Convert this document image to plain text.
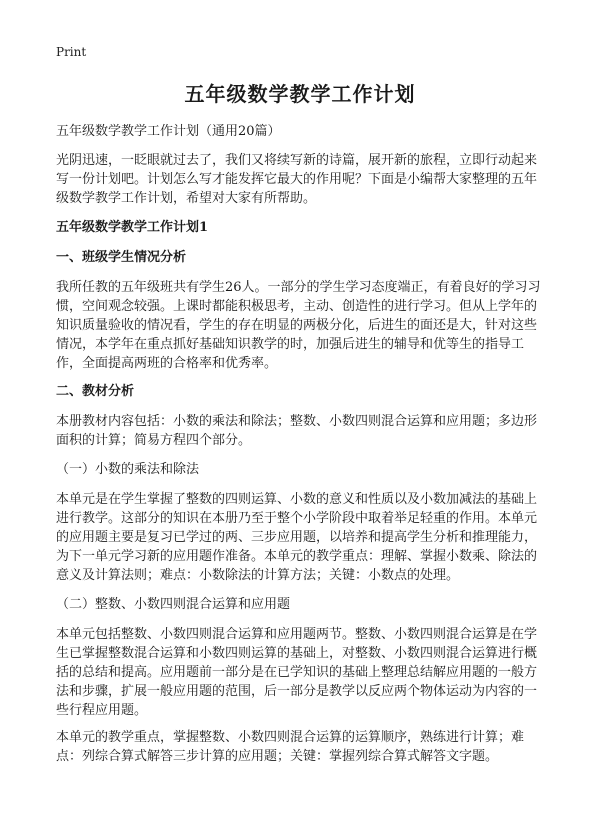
Print
五年级数学教学工作计划
五年级数学教学工作计划（通用20篇）

光阴迅速，一眨眼就过去了，我们又将续写新的诗篇，展开新的旅程，立即行动起来写一份计划吧。计划怎么写才能发挥它最大的作用呢？下面是小编帮大家整理的五年级数学教学工作计划，希望对大家有所帮助。

五年级数学教学工作计划1
一、班级学生情况分析

我所任教的五年级班共有学生26人。一部分的学生学习态度端正，有着良好的学习习惯，空间观念较强。上课时都能积极思考，主动、创造性的进行学习。但从上学年的知识质量验收的情况看，学生的存在明显的两极分化，后进生的面还是大，针对这些情况，本学年在重点抓好基础知识教学的时，加强后进生的辅导和优等生的指导工作，全面提高两班的合格率和优秀率。

二、教材分析

本册教材内容包括：小数的乘法和除法；整数、小数四则混合运算和应用题；多边形面积的计算；简易方程四个部分。

（一）小数的乘法和除法

本单元是在学生掌握了整数的四则运算、小数的意义和性质以及小数加减法的基础上进行教学。这部分的知识在本册乃至于整个小学阶段中取着举足轻重的作用。本单元的应用题主要是复习已学过的两、三步应用题，以培养和提高学生分析和推理能力，为下一单元学习新的应用题作准备。本单元的教学重点：理解、掌握小数乘、除法的意义及计算法则；难点：小数除法的计算方法；关键：小数点的处理。

（二）整数、小数四则混合运算和应用题

本单元包括整数、小数四则混合运算和应用题两节。整数、小数四则混合运算是在学生已掌握整数混合运算和小数四则运算的基础上，对整数、小数四则混合运算进行概括的总结和提高。应用题前一部分是在已学知识的基础上整理总结解应用题的一般方法和步骤，扩展一般应用题的范围，后一部分是教学以反应两个物体运动为内容的一些行程应用题。

本单元的教学重点，掌握整数、小数四则混合运算的运算顺序，熟练进行计算；难点：列综合算式解答三步计算的应用题；关键：掌握列综合算式解答文字题。
